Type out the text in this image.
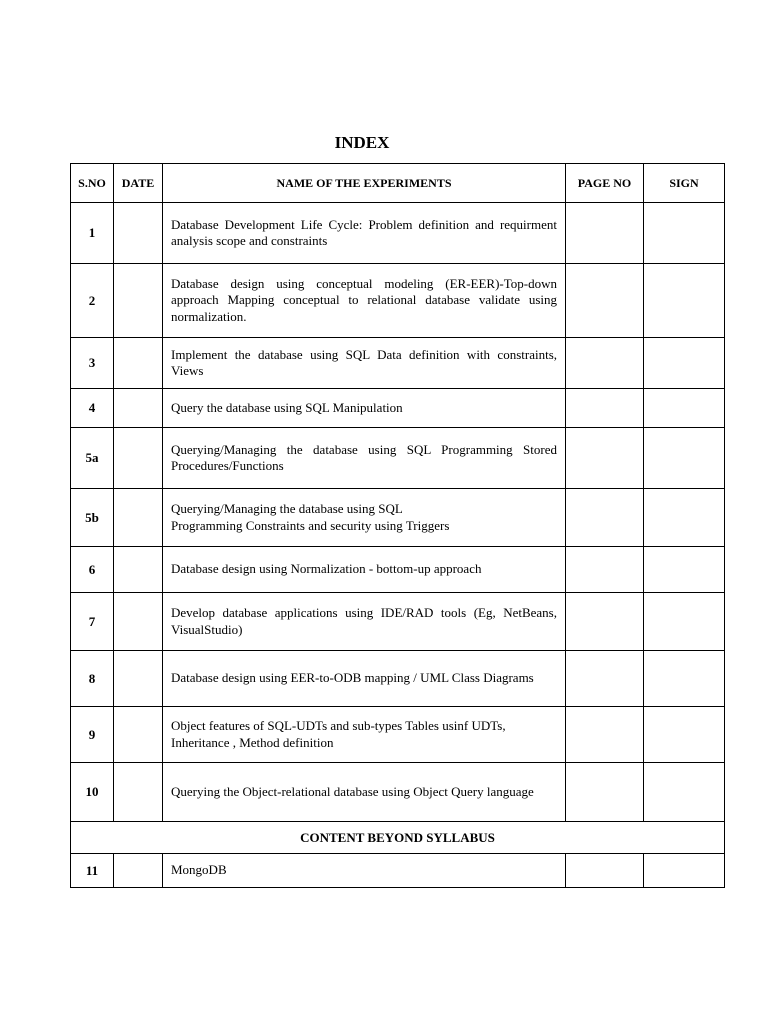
INDEX
S.NO	DATE	NAME OF THE EXPERIMENTS	PAGE NO	SIGN
1		Database Development Life Cycle: Problem definition and requirment analysis scope and constraints		
2		Database design using conceptual modeling (ER-EER)-Top-down approach Mapping conceptual to relational database validate using normalization.		
3		Implement the database using SQL Data definition with constraints, Views		
4		Query the database using SQL Manipulation		
5a		Querying/Managing the database using SQL Programming Stored Procedures/Functions		
5b		Querying/Managing the database using SQL
Programming Constraints and security using Triggers		
6		Database design using Normalization - bottom-up approach		
7		Develop database applications using IDE/RAD tools (Eg, NetBeans, VisualStudio)		
8		Database design using EER-to-ODB mapping / UML Class Diagrams		
9		Object features of SQL-UDTs and sub-types Tables usinf UDTs,
Inheritance , Method definition		
10		Querying the Object-relational database using Object Query language		
CONTENT BEYOND SYLLABUS				
11		MongoDB		
